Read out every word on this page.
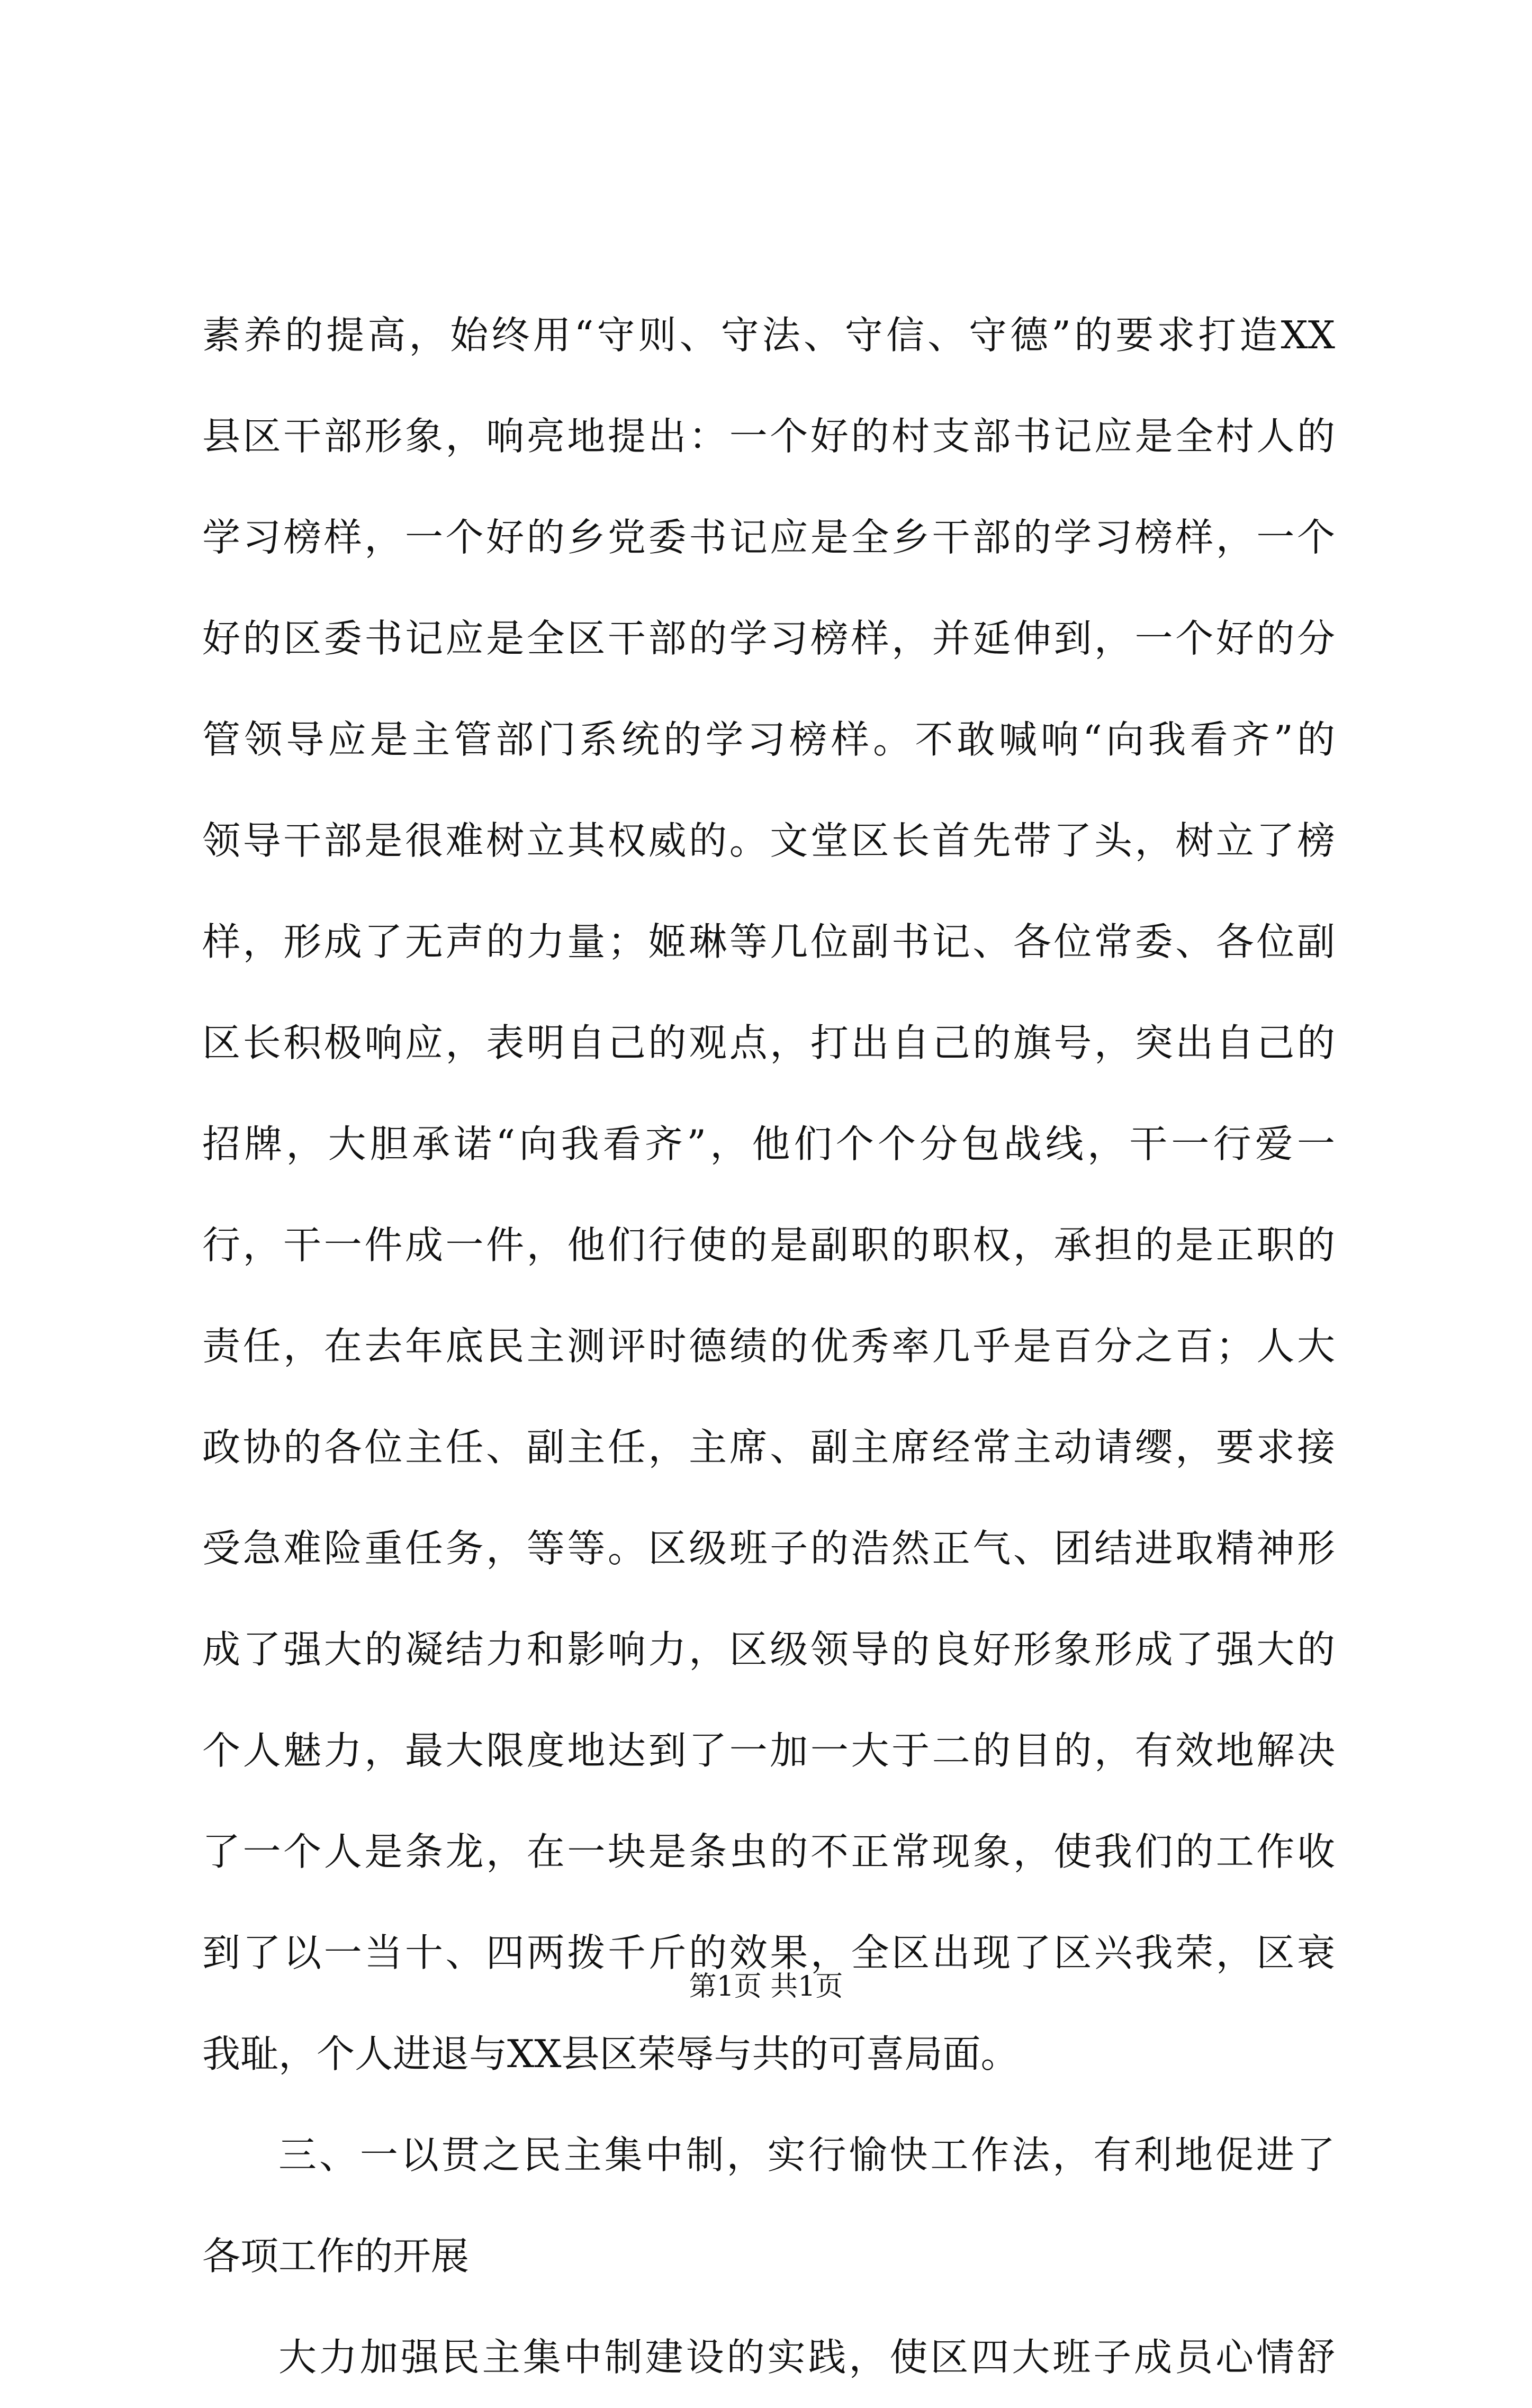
素养的提高，始终用“守则、守法、守信、守德”的要求打造XX
县区干部形象，响亮地提出：一个好的村支部书记应是全村人的
学习榜样，一个好的乡党委书记应是全乡干部的学习榜样，一个
好的区委书记应是全区干部的学习榜样，并延伸到，一个好的分
管领导应是主管部门系统的学习榜样。不敢喊响“向我看齐”的
领导干部是很难树立其权威的。文堂区长首先带了头，树立了榜
样，形成了无声的力量；姬琳等几位副书记、各位常委、各位副
区长积极响应，表明自己的观点，打出自己的旗号，突出自己的
招牌，大胆承诺“向我看齐”，他们个个分包战线，干一行爱一
行，干一件成一件，他们行使的是副职的职权，承担的是正职的
责任，在去年底民主测评时德绩的优秀率几乎是百分之百；人大
政协的各位主任、副主任，主席、副主席经常主动请缨，要求接
受急难险重任务，等等。区级班子的浩然正气、团结进取精神形
成了强大的凝结力和影响力，区级领导的良好形象形成了强大的
个人魅力，最大限度地达到了一加一大于二的目的，有效地解决
了一个人是条龙，在一块是条虫的不正常现象，使我们的工作收
到了以一当十、四两拨千斤的效果，全区出现了区兴我荣，区衰
我耻，个人进退与XX县区荣辱与共的可喜局面。
三、一以贯之民主集中制，实行愉快工作法，有利地促进了
各项工作的开展
大力加强民主集中制建设的实践，使区四大班子成员心情舒
第1页 共1页
